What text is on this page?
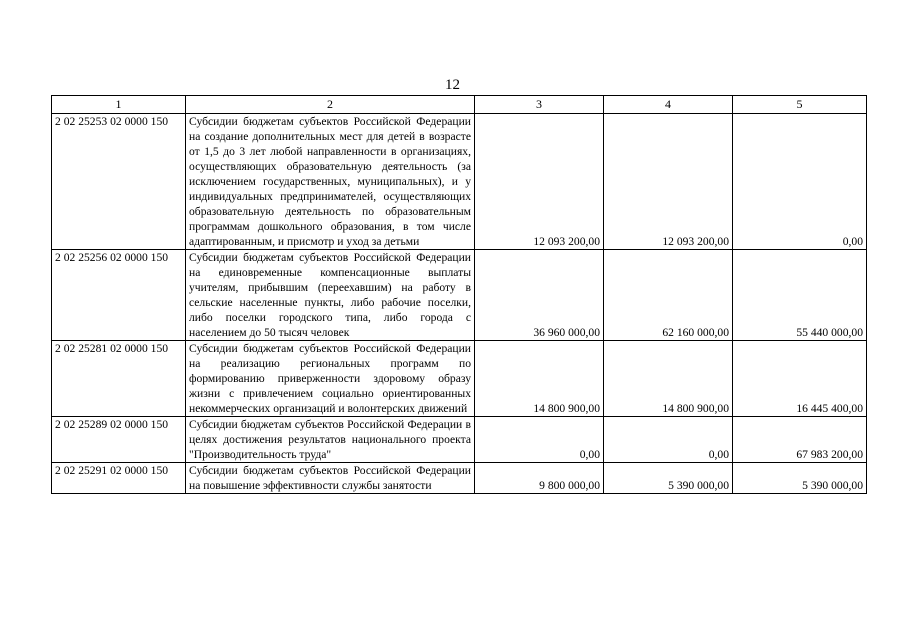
12
1	2	3	4	5
2 02 25253 02 0000 150	Субсидии бюджетам субъектов Российской Федерации на создание дополнительных мест для детей в возрасте от 1,5 до 3 лет любой направленности в организациях, осуществляющих образовательную деятельность (за исключением государственных, муниципальных), и у индивидуальных предпринимателей, осуществляющих образовательную деятельность по образовательным программам дошкольного образования, в том числе адаптированным, и присмотр и уход за детьми	12 093 200,00	12 093 200,00	0,00
2 02 25256 02 0000 150	Субсидии бюджетам субъектов Российской Федерации на единовременные компенсационные выплаты учителям, прибывшим (переехавшим) на работу в сельские населенные пункты, либо рабочие поселки, либо поселки городского типа, либо города с населением до 50 тысяч человек	36 960 000,00	62 160 000,00	55 440 000,00
2 02 25281 02 0000 150	Субсидии бюджетам субъектов Российской Федерации на реализацию региональных программ по формированию приверженности здоровому образу жизни с привлечением социально ориентированных некоммерческих организаций и волонтерских движений	14 800 900,00	14 800 900,00	16 445 400,00
2 02 25289 02 0000 150	Субсидии бюджетам субъектов Российской Федерации в целях достижения результатов национального проекта "Производительность труда"	0,00	0,00	67 983 200,00
2 02 25291 02 0000 150	Субсидии бюджетам субъектов Российской Федерации на повышение эффективности службы занятости	9 800 000,00	5 390 000,00	5 390 000,00
